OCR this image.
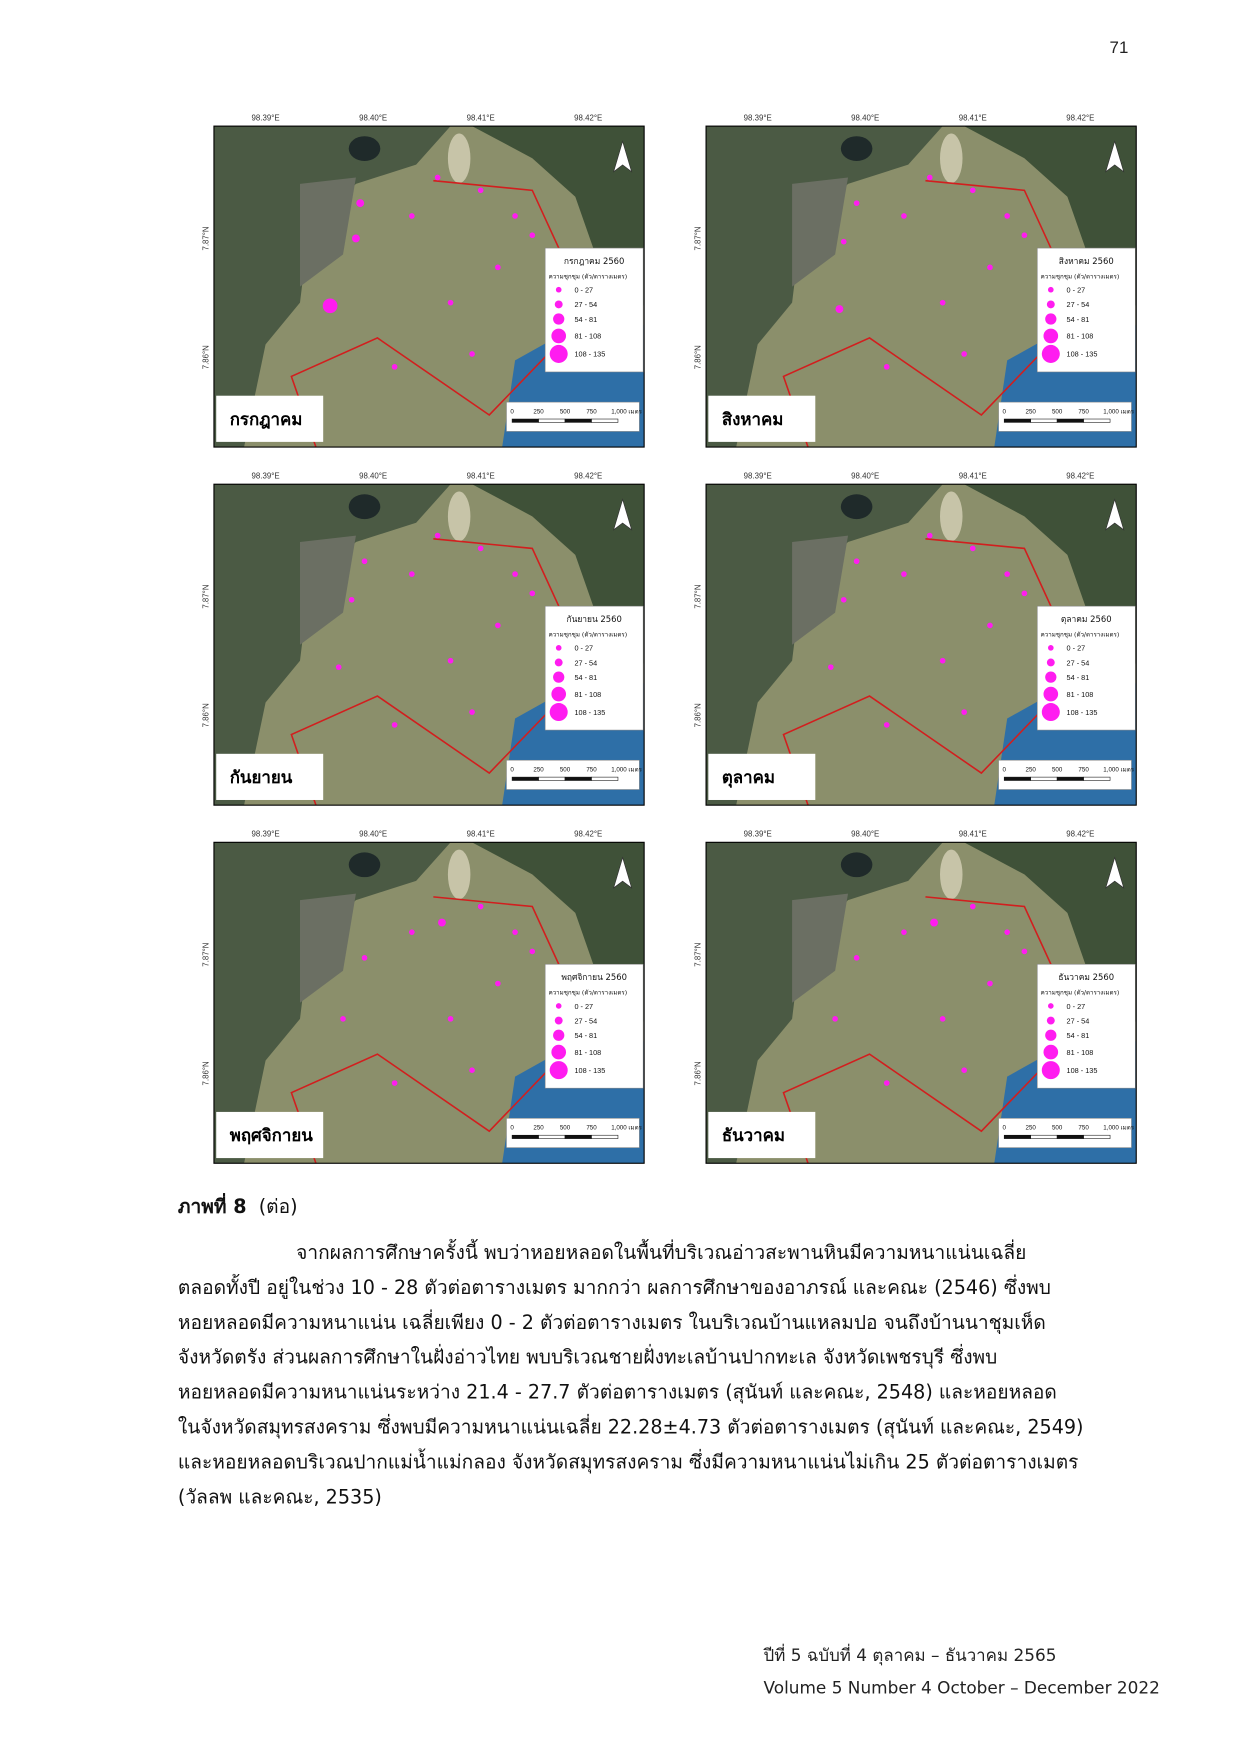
71
98.39°E	98.40°E	98.41°E	98.42°E
7.87°N
7.86°N
กรกฎาคม 2560
ความชุกชุม (ตัว/ตารางเมตร)
0 - 27
27 - 54
54 - 81
81 - 108
108 - 135
0	250	500	750	1,000 เมตร
กรกฎาคม
98.39°E	98.40°E	98.41°E	98.42°E
7.87°N
7.86°N
สิงหาคม 2560
ความชุกชุม (ตัว/ตารางเมตร)
0 - 27
27 - 54
54 - 81
81 - 108
108 - 135
0	250	500	750	1,000 เมตร
สิงหาคม
98.39°E	98.40°E	98.41°E	98.42°E
7.87°N
7.86°N
กันยายน 2560
ความชุกชุม (ตัว/ตารางเมตร)
0 - 27
27 - 54
54 - 81
81 - 108
108 - 135
0	250	500	750	1,000 เมตร
กันยายน
98.39°E	98.40°E	98.41°E	98.42°E
7.87°N
7.86°N
ตุลาคม 2560
ความชุกชุม (ตัว/ตารางเมตร)
0 - 27
27 - 54
54 - 81
81 - 108
108 - 135
0	250	500	750	1,000 เมตร
ตุลาคม
98.39°E	98.40°E	98.41°E	98.42°E
7.87°N
7.86°N
พฤศจิกายน 2560
ความชุกชุม (ตัว/ตารางเมตร)
0 - 27
27 - 54
54 - 81
81 - 108
108 - 135
0	250	500	750	1,000 เมตร
พฤศจิกายน
98.39°E	98.40°E	98.41°E	98.42°E
7.87°N
7.86°N
ธันวาคม 2560
ความชุกชุม (ตัว/ตารางเมตร)
0 - 27
27 - 54
54 - 81
81 - 108
108 - 135
0	250	500	750	1,000 เมตร
ธันวาคม
ภาพที่ 8 (ต่อ)
จากผลการศึกษาครั้งนี้ พบว่าหอยหลอดในพื้นที่บริเวณอ่าวสะพานหินมีความหนาแน่นเฉลี่ย
ตลอดทั้งปี อยู่ในช่วง 10 - 28 ตัวต่อตารางเมตร มากกว่า ผลการศึกษาของอาภรณ์ และคณะ (2546) ซึ่งพบ
หอยหลอดมีความหนาแน่น เฉลี่ยเพียง 0 - 2 ตัวต่อตารางเมตร ในบริเวณบ้านแหลมปอ จนถึงบ้านนาชุมเห็ด
จังหวัดตรัง ส่วนผลการศึกษาในฝั่งอ่าวไทย พบบริเวณชายฝั่งทะเลบ้านปากทะเล จังหวัดเพชรบุรี ซึ่งพบ
หอยหลอดมีความหนาแน่นระหว่าง 21.4 - 27.7 ตัวต่อตารางเมตร (สุนันท์ และคณะ, 2548) และหอยหลอด
ในจังหวัดสมุทรสงคราม ซึ่งพบมีความหนาแน่นเฉลี่ย 22.28±4.73 ตัวต่อตารางเมตร (สุนันท์ และคณะ, 2549)
และหอยหลอดบริเวณปากแม่น้ำแม่กลอง จังหวัดสมุทรสงคราม ซึ่งมีความหนาแน่นไม่เกิน 25 ตัวต่อตารางเมตร
(วัลลพ และคณะ, 2535)
ปีที่ 5 ฉบับที่ 4 ตุลาคม – ธันวาคม 2565
Volume 5 Number 4 October – December 2022
